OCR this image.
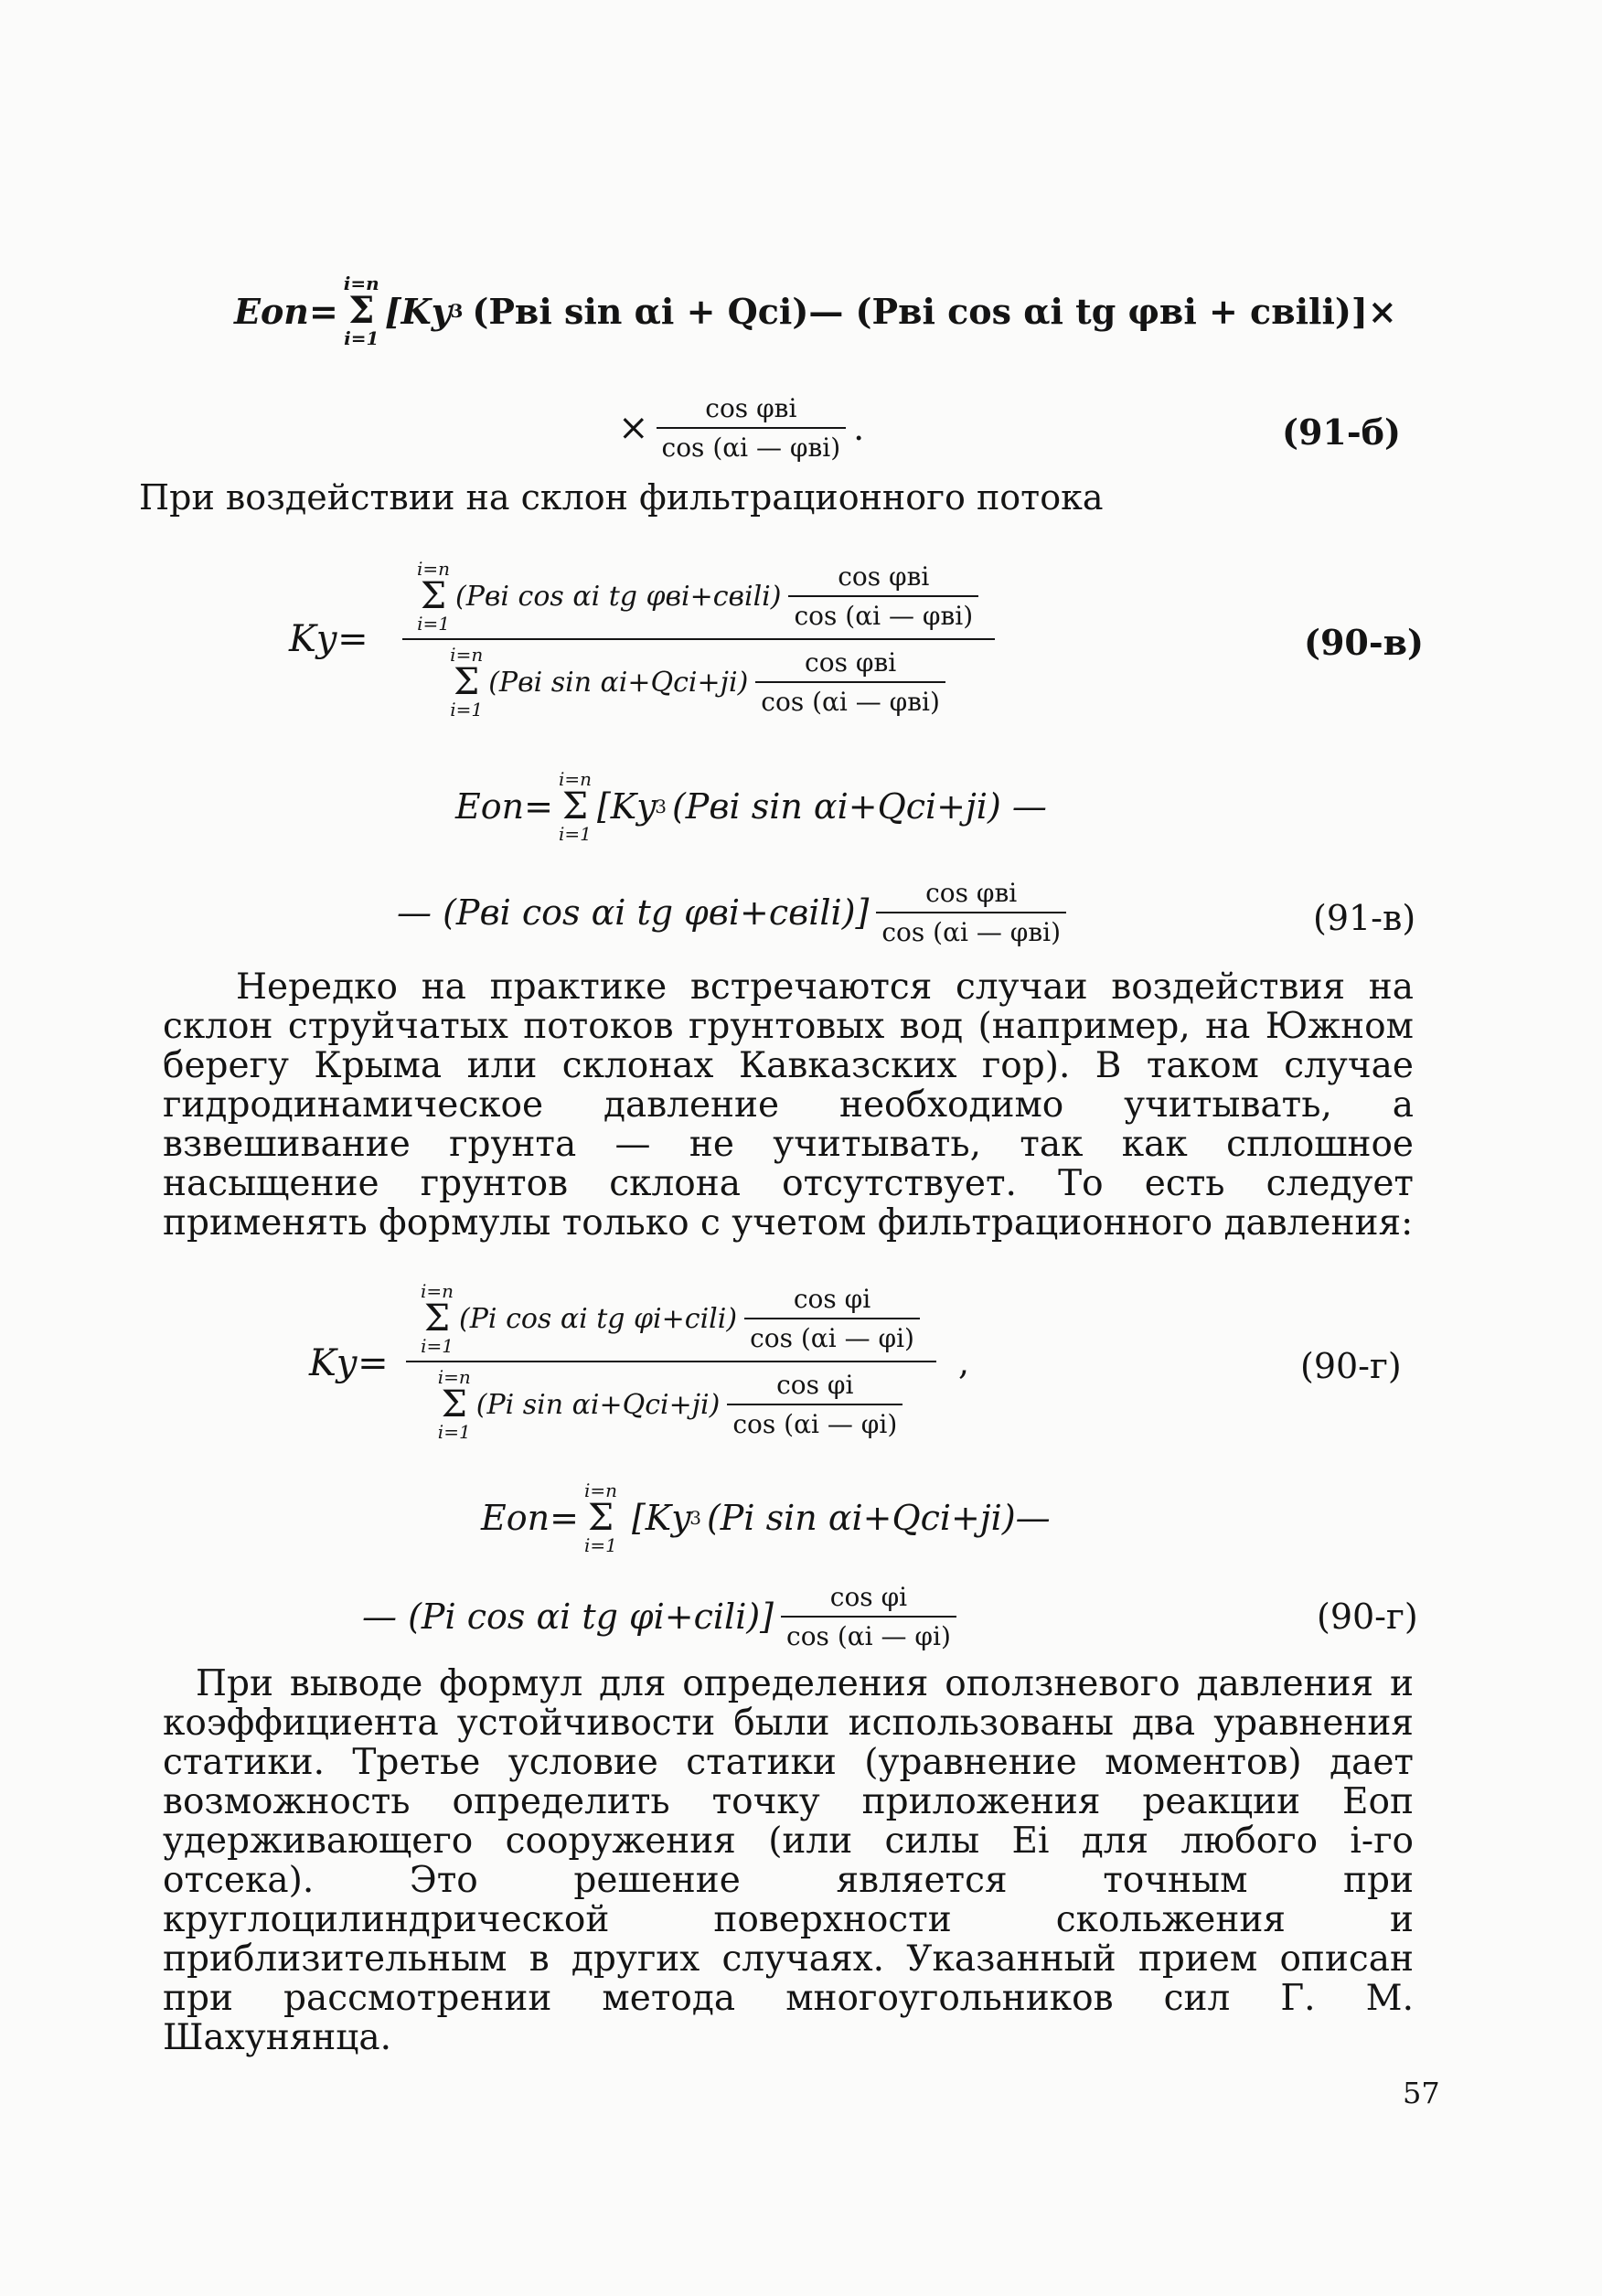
Eоп=
i=n
Σ
i=1
[Kу
3 (Pвi sin αi + Qci) — (Pвi cos αi tg φвi + cвili)]×
× $\frac{\text{cos φвi}}{\text{cos (αi — φвi)}}$ .	(91-б)

При воздействии на склон фильтрационного потока

Kу=
i=n
Σ
i=1
(Pвi cos αi tg φвi+cвili) $\frac{\text{cos φвi}}{\text{cos (αi — φвi)}}$
i=n
Σ
i=1
(Pвi $\sin \alpha i+Qci+ji) \frac{\text{cos φвi}}{\text{cos (αi — φвi)}}$
(90-в)
Eоп=
i=n
Σ
i=1
[Kу
3 (Pвi sin αi+Qci+ji) —
— (Pвi cos αi tg φвi+cвili)] $\frac{\text{cos φвi}}{\text{cos (αi — φвi)}}$	(91-в)

Нередко на практике встречаются случаи воздействия на склон струйчатых потоков грунтовых вод (например, на Южном берегу Крыма или склонах Кавказских гор). В таком случае гидродинамическое давление необходимо учитывать, а взвешивание грунта — не учитывать, так как сплошное насыщение грунтов склона отсутствует. То есть следует применять формулы только с учетом фильтрационного давления:

Kу=
i=n
Σ
i=1
(Pi cos αi tg φi+cili) $\frac{\text{cos φi}}{\cos (\alpha i — \varphi i)}$
i=n
Σ
i=1
(Pi $\sin \alpha i+Qci+ji) \frac{\text{cos φi}}{\cos (\alpha i — \varphi i)}$
,	(90-г)
Eоп=
i=n
Σ
i=1
[Kу
3 (Pi sin αi+Qci+ji)—
— (Pi cos αi tg φi+cili)] $\frac{\text{cos φi}}{\cos (\alpha i — \varphi i)}$	(90-г)

При выводе формул для определения оползневого давления и коэффициента устойчивости были использованы два уравнения статики. Третье условие статики (уравнение моментов) дает возможность определить точку приложения реакции Eоп удерживающего сооружения (или силы Ei для любого i-го отсека). Это решение является точным при круглоцилиндрической поверхности скольжения и приблизительным в других случаях. Указанный прием описан при рассмотрении метода многоугольников сил Г. М. Шахунянца.

57
